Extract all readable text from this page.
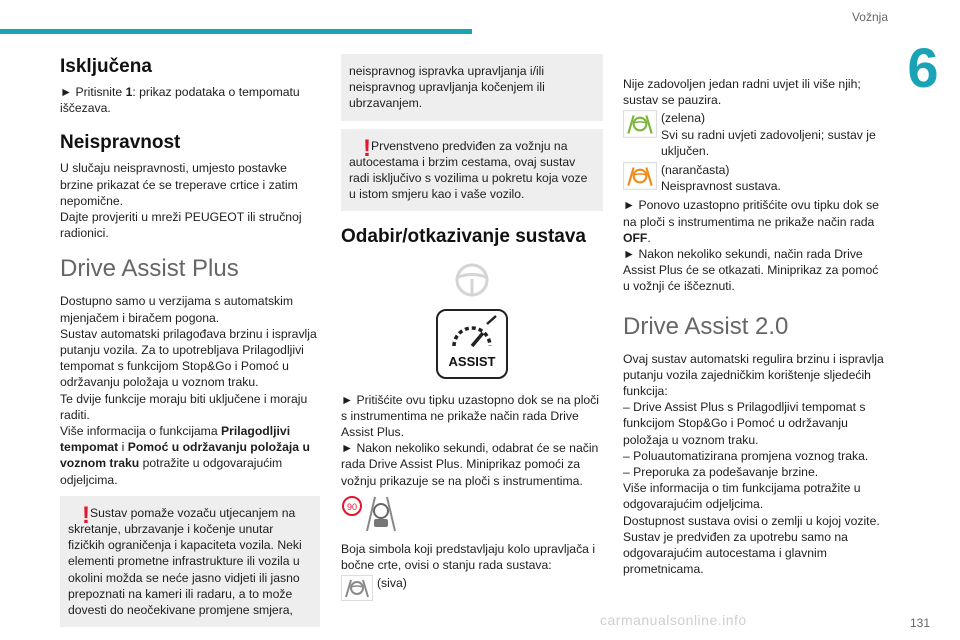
Vožnja
6
Isključena

► Pritisnite 1: prikaz podataka o tempomatu iščezava.

Neispravnost

U slučaju neispravnosti, umjesto postavke brzine prikazat će se treperave crtice i zatim nepomične.

Dajte provjeriti u mreži PEUGEOT ili stručnoj radionici.

Drive Assist Plus

Dostupno samo u verzijama s automatskim mjenjačem i biračem pogona.

Sustav automatski prilagođava brzinu i ispravlja putanju vozila. Za to upotrebljava Prilagodljivi tempomat s funkcijom Stop&Go i Pomoć u održavanju položaja u voznom traku.

Te dvije funkcije moraju biti uključene i moraju raditi.

Više informacija o funkcijama Prilagodljivi tempomat i Pomoć u održavanju položaja u voznom traku potražite u odgovarajućim odjeljcima.

! Sustav pomaže vozaču utjecanjem na skretanje, ubrzavanje i kočenje unutar fizičkih ograničenja i kapaciteta vozila. Neki elementi prometne infrastrukture ili vozila u okolini možda se neće jasno vidjeti ili jasno prepoznati na kameri ili radaru, a to može dovesti do neočekivane promjene smjera,
neispravnog ispravka upravljanja i/ili neispravnog upravljanja kočenjem ili ubrzavanjem.
! Prvenstveno predviđen za vožnju na autocestama i brzim cestama, ovaj sustav radi isključivo s vozilima u pokretu koja voze u istom smjeru kao i vaše vozilo.
Odabir/otkazivanje sustava
ASSIST

► Pritišćite ovu tipku uzastopno dok se na ploči s instrumentima ne prikaže način rada Drive Assist Plus.

► Nakon nekoliko sekundi, odabrat će se način rada Drive Assist Plus. Miniprikaz pomoći za vožnju prikazuje se na ploči s instrumentima.

90

Boja simbola koji predstavljaju kolo upravljača i bočne crte, ovisi o stanju rada sustava:

(siva)

Nije zadovoljen jedan radni uvjet ili više njih; sustav se pauzira.

(zelena)
Svi su radni uvjeti zadovoljeni; sustav je uključen.
(narančasta)
Neispravnost sustava.

► Ponovo uzastopno pritišćite ovu tipku dok se na ploči s instrumentima ne prikaže način rada OFF.

► Nakon nekoliko sekundi, način rada Drive Assist Plus će se otkazati. Miniprikaz za pomoć u vožnji će iščeznuti.

Drive Assist 2.0

Ovaj sustav automatski regulira brzinu i ispravlja putanju vozila zajedničkim korištenje sljedećih funkcija:

– Drive Assist Plus s Prilagodljivi tempomat s funkcijom Stop&Go i Pomoć u održavanju položaja u voznom traku.

– Poluautomatizirana promjena voznog traka.

– Preporuka za podešavanje brzine.

Više informacija o tim funkcijama potražite u odgovarajućim odjeljcima.

Dostupnost sustava ovisi o zemlji u kojoj vozite.

Sustav je predviđen za upotrebu samo na odgovarajućim autocestama i glavnim prometnicama.

carmanualsonline.info	131
